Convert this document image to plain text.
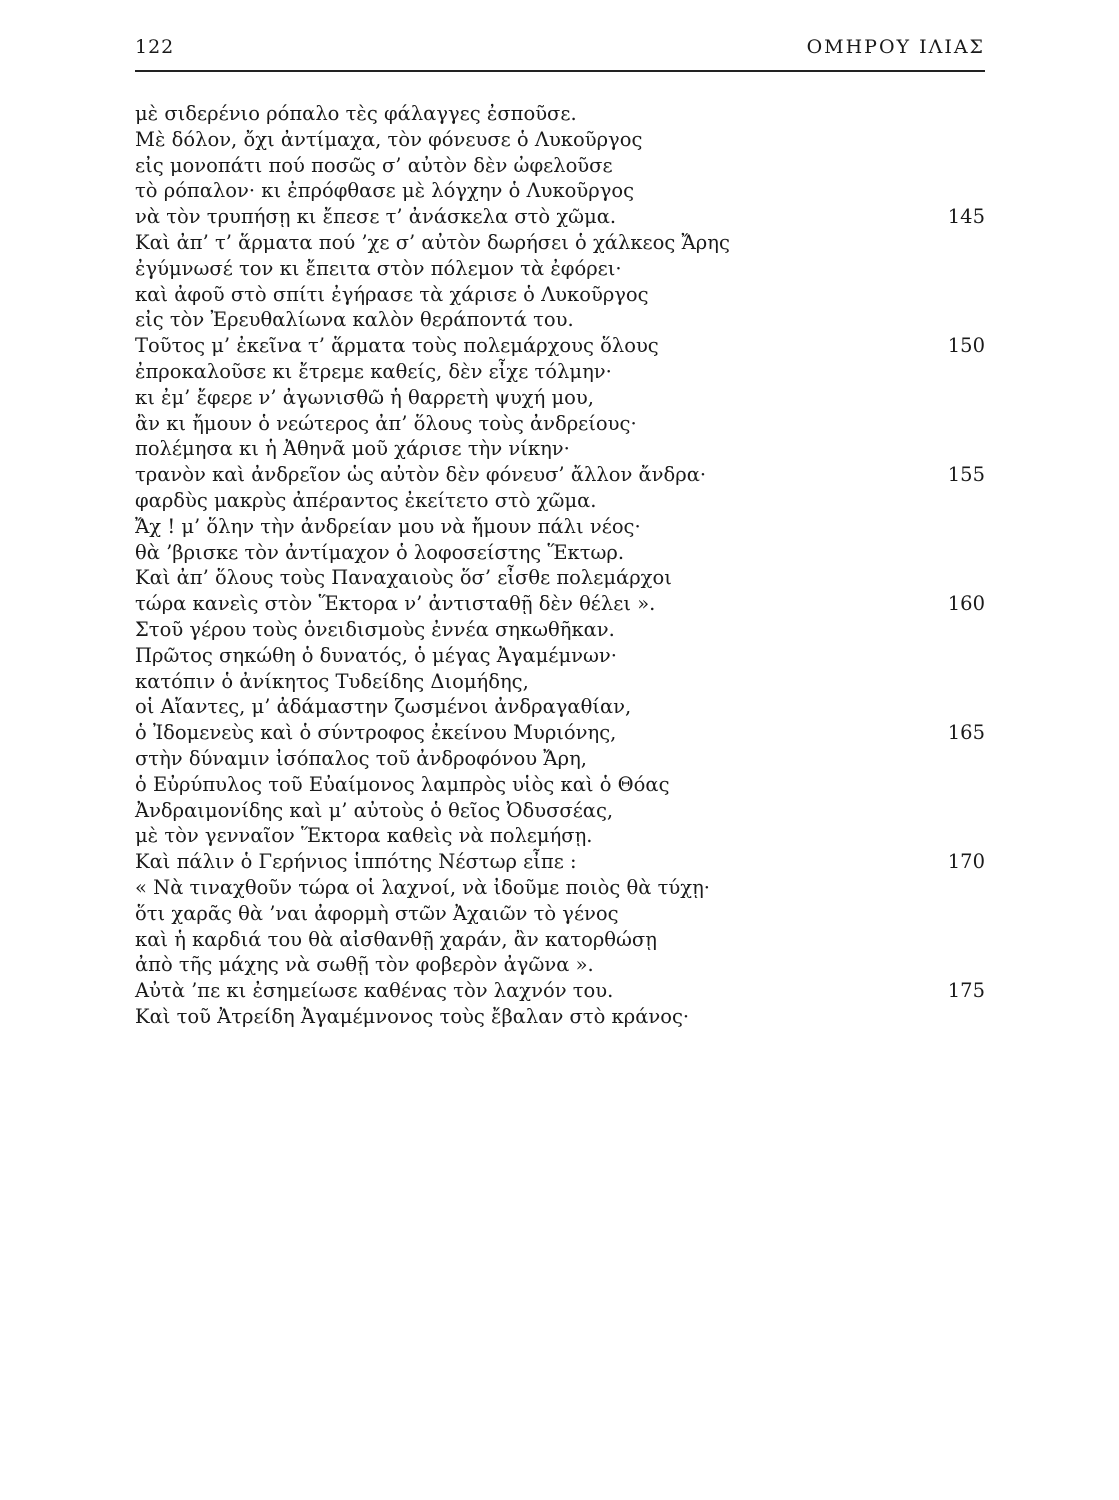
122	ΟΜΗΡΟΥ ΙΛΙΑΣ
μὲ σιδερένιο ρόπαλο τὲς φάλαγγες ἐσποῦσε.
Μὲ δόλον, ὄχι ἀντίμαχα, τὸν φόνευσε ὁ Λυκοῦργος
εἰς μονοπάτι πού ποσῶς σ’ αὐτὸν δὲν ὠφελοῦσε
τὸ ρόπαλον· κι ἐπρόφθασε μὲ λόγχην ὁ Λυκοῦργος
νὰ τὸν τρυπήσῃ κι ἔπεσε τ’ ἀνάσκελα στὸ χῶμα.	145
Καὶ ἀπ’ τ’ ἅρματα πού ’χε σ’ αὐτὸν δωρήσει ὁ χάλκεος Ἄρης
ἐγύμνωσέ τον κι ἔπειτα στὸν πόλεμον τὰ ἐφόρει·
καὶ ἀφοῦ στὸ σπίτι ἐγήρασε τὰ χάρισε ὁ Λυκοῦργος
εἰς τὸν Ἐρευθαλίωνα καλὸν θεράποντά του.
Τοῦτος μ’ ἐκεῖνα τ’ ἅρματα τοὺς πολεμάρχους ὅλους	150
ἐπροκαλοῦσε κι ἔτρεμε καθείς, δὲν εἶχε τόλμην·
κι ἐμ’ ἔφερε ν’ ἀγωνισθῶ ἡ θαρρετὴ ψυχή μου,
ἂν κι ἤμουν ὁ νεώτερος ἀπ’ ὅλους τοὺς ἀνδρείους·
πολέμησα κι ἡ Ἀθηνᾶ μοῦ χάρισε τὴν νίκην·
τρανὸν καὶ ἀνδρεῖον ὡς αὐτὸν δὲν φόνευσ’ ἄλλον ἄνδρα·	155
φαρδὺς μακρὺς ἀπέραντος ἐκείτετο στὸ χῶμα.
Ἄχ ! μ’ ὅλην τὴν ἀνδρείαν μου νὰ ἤμουν πάλι νέος·
θὰ ’βρισκε τὸν ἀντίμαχον ὁ λοφοσείστης Ἕκτωρ.
Καὶ ἀπ’ ὅλους τοὺς Παναχαιοὺς ὅσ’ εἶσθε πολεμάρχοι
τώρα κανεὶς στὸν Ἕκτορα ν’ ἀντισταθῇ δὲν θέλει ».	160
Στοῦ γέρου τοὺς ὀνειδισμοὺς ἐννέα σηκωθῆκαν.
Πρῶτος σηκώθη ὁ δυνατός, ὁ μέγας Ἀγαμέμνων·
κατόπιν ὁ ἀνίκητος Τυδείδης Διομήδης,
οἱ Αἴαντες, μ’ ἀδάμαστην ζωσμένοι ἀνδραγαθίαν,
ὁ Ἰδομενεὺς καὶ ὁ σύντροφος ἐκείνου Μυριόνης,	165
στὴν δύναμιν ἰσόπαλος τοῦ ἀνδροφόνου Ἄρη,
ὁ Εὐρύπυλος τοῦ Εὐαίμονος λαμπρὸς υἱὸς καὶ ὁ Θόας
Ἀνδραιμονίδης καὶ μ’ αὐτοὺς ὁ θεῖος Ὀδυσσέας,
μὲ τὸν γενναῖον Ἕκτορα καθεὶς νὰ πολεμήσῃ.
Καὶ πάλιν ὁ Γερήνιος ἱππότης Νέστωρ εἶπε :	170
« Νὰ τιναχθοῦν τώρα οἱ λαχνοί, νὰ ἰδοῦμε ποιὸς θὰ τύχῃ·
ὅτι χαρᾶς θὰ ’ναι ἀφορμὴ στῶν Ἀχαιῶν τὸ γένος
καὶ ἡ καρδιά του θὰ αἰσθανθῇ χαράν, ἂν κατορθώσῃ
ἀπὸ τῆς μάχης νὰ σωθῇ τὸν φοβερὸν ἀγῶνα ».
Αὐτὰ ’πε κι ἐσημείωσε καθένας τὸν λαχνόν του.	175
Καὶ τοῦ Ἀτρείδη Ἀγαμέμνονος τοὺς ἔβαλαν στὸ κράνος·
